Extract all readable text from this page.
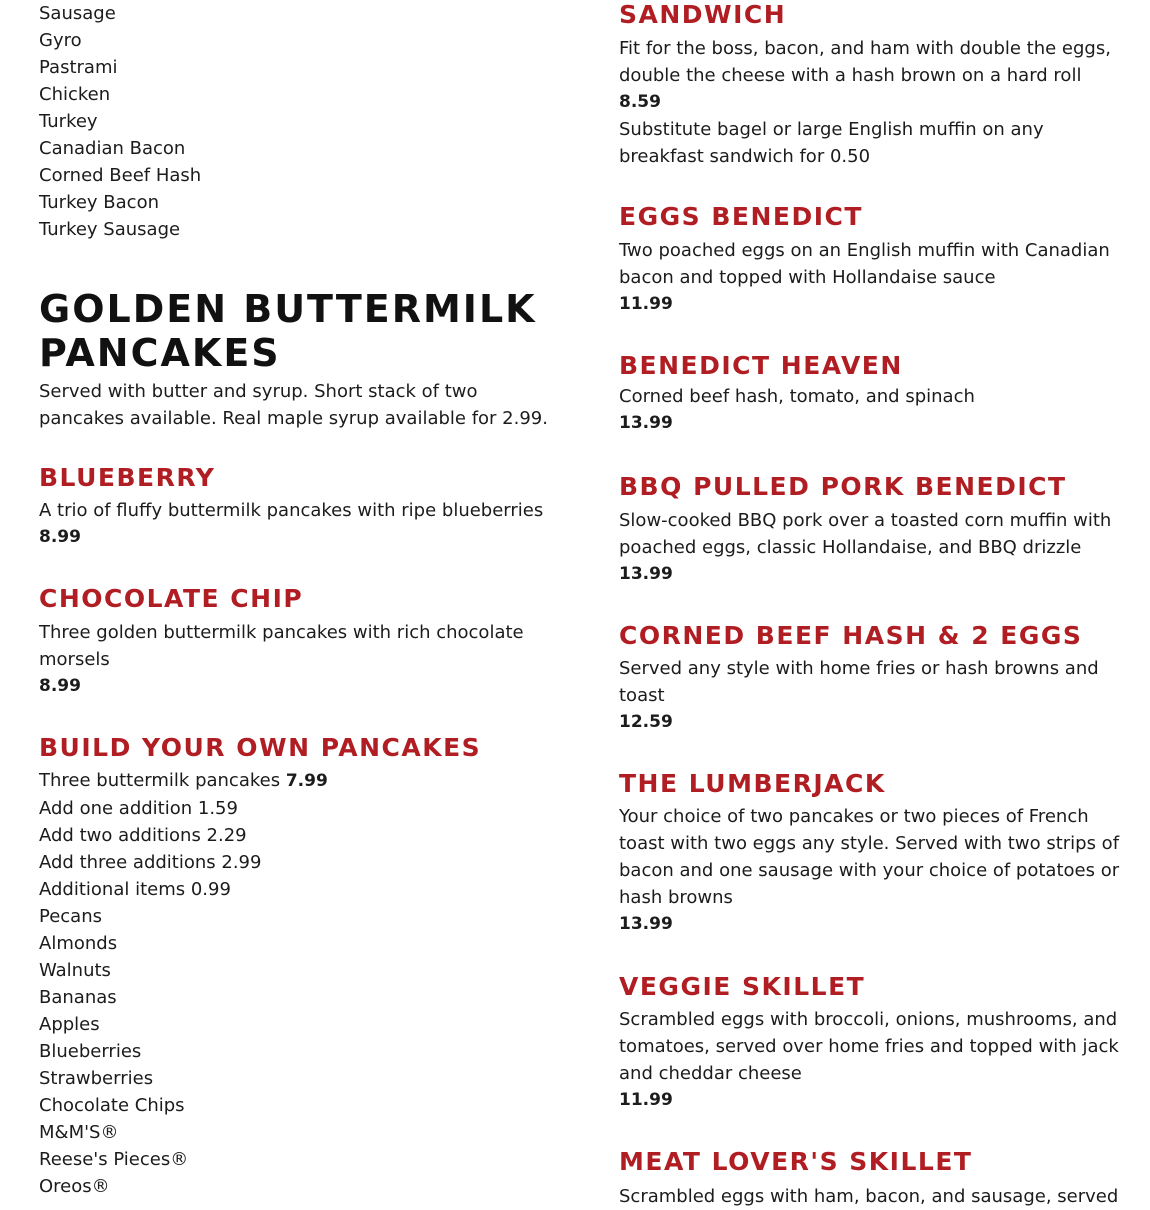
Sausage

Gyro

Pastrami

Chicken

Turkey

Canadian Bacon

Corned Beef Hash

Turkey Bacon

Turkey Sausage

GOLDEN BUTTERMILK PANCAKES

Served with butter and syrup. Short stack of two pancakes available. Real maple syrup available for 2.99.

BLUEBERRY

A trio of fluffy buttermilk pancakes with ripe blueberries

8.99

CHOCOLATE CHIP

Three golden buttermilk pancakes with rich chocolate morsels

8.99

BUILD YOUR OWN PANCAKES

Three buttermilk pancakes 7.99

Add one addition 1.59

Add two additions 2.29

Add three additions 2.99

Additional items 0.99

Pecans

Almonds

Walnuts

Bananas

Apples

Blueberries

Strawberries

Chocolate Chips

M&M'S®

Reese's Pieces®

Oreos®

SANDWICH

Fit for the boss, bacon, and ham with double the eggs, double the cheese with a hash brown on a hard roll

8.59

Substitute bagel or large English muffin on any breakfast sandwich for 0.50

EGGS BENEDICT

Two poached eggs on an English muffin with Canadian bacon and topped with Hollandaise sauce

11.99

BENEDICT HEAVEN

Corned beef hash, tomato, and spinach

13.99

BBQ PULLED PORK BENEDICT

Slow-cooked BBQ pork over a toasted corn muffin with poached eggs, classic Hollandaise, and BBQ drizzle

13.99

CORNED BEEF HASH & 2 EGGS

Served any style with home fries or hash browns and toast

12.59

THE LUMBERJACK

Your choice of two pancakes or two pieces of French toast with two eggs any style. Served with two strips of bacon and one sausage with your choice of potatoes or hash browns

13.99

VEGGIE SKILLET

Scrambled eggs with broccoli, onions, mushrooms, and tomatoes, served over home fries and topped with jack and cheddar cheese

11.99

MEAT LOVER'S SKILLET

Scrambled eggs with ham, bacon, and sausage, served
